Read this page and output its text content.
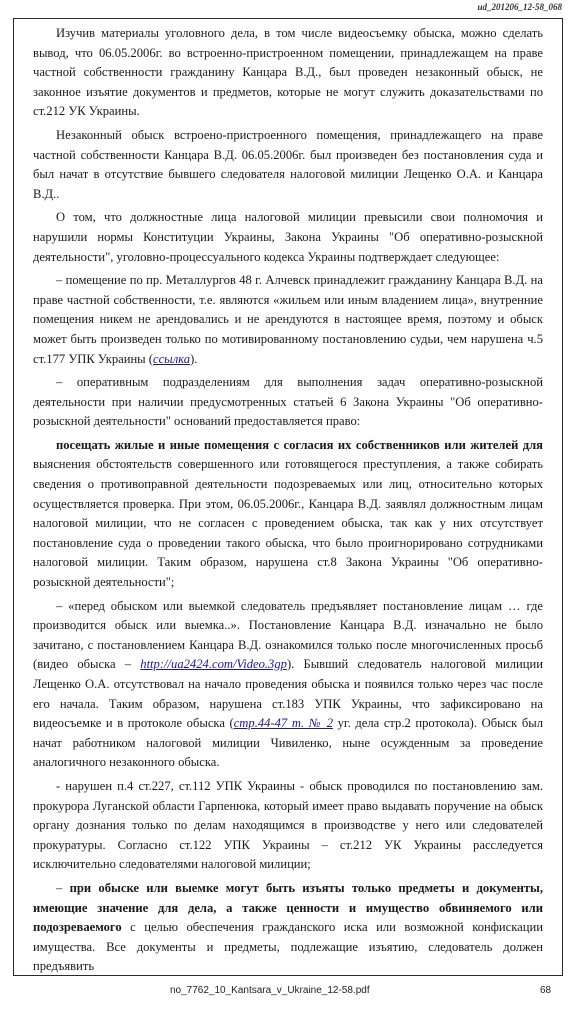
ud_201206_12-58_068

Изучив материалы уголовного дела, в том числе видеосъемку обыска, можно сделать вывод, что 06.05.2006г. во встроенно-пристроенном помещении, принадлежащем на праве частной собственности гражданину Канцара В.Д., был проведен незаконный обыск, не законное изъятие документов и предметов, которые не могут служить доказательствами по ст.212 УК Украины.

Незаконный обыск встроено-пристроенного помещения, принадлежащего на праве частной собственности Канцара В.Д. 06.05.2006г. был произведен без постановления суда и был начат в отсутствие бывшего следователя налоговой милиции Лещенко О.А. и Канцара В.Д..

О том, что должностные лица налоговой милиции превысили свои полномочия и нарушили нормы Конституции Украины, Закона Украины "Об оперативно-розыскной деятельности", уголовно-процессуального кодекса Украины подтверждает следующее:

– помещение по пр. Металлургов 48 г. Алчевск принадлежит гражданину Канцара В.Д. на праве частной собственности, т.е. являются «жильем или иным владением лица», внутренние помещения никем не арендовались и не арендуются в настоящее время, поэтому и обыск может быть произведен только по мотивированному постановлению судьи, чем нарушена ч.5 ст.177 УПК Украины (ссылка).

– оперативным подразделениям для выполнения задач оперативно-розыскной деятельности при наличии предусмотренных статьей 6 Закона Украины "Об оперативно-розыскной деятельности" оснований предоставляется право:

посещать жилые и иные помещения с согласия их собственников или жителей для выяснения обстоятельств совершенного или готовящегося преступления, а также собирать сведения о противоправной деятельности подозреваемых или лиц, относительно которых осуществляется проверка. При этом, 06.05.2006г., Канцара В.Д. заявлял должностным лицам налоговой милиции, что не согласен с проведением обыска, так как у них отсутствует постановление суда о проведении такого обыска, что было проигнорировано сотрудниками налоговой милиции. Таким образом, нарушена ст.8 Закона Украины "Об оперативно-розыскной деятельности";

– «перед обыском или выемкой следователь предъявляет постановление лицам … где производится обыск или выемка..». Постановление Канцара В.Д. изначально не было зачитано, с постановлением Канцара В.Д. ознакомился только после многочисленных просьб (видео обыска – http://ua2424.com/Video.3gp). Бывший следователь налоговой милиции Лещенко О.А. отсутствовал на начало проведения обыска и появился только через час после его начала. Таким образом, нарушена ст.183 УПК Украины, что зафиксировано на видеосъемке и в протоколе обыска (стр.44-47 т. № 2 уг. дела стр.2 протокола). Обыск был начат работником налоговой милиции Чивиленко, ныне осужденным за проведение аналогичного незаконного обыска.

- нарушен п.4 ст.227, ст.112 УПК Украины - обыск проводился по постановлению зам. прокурора Луганской области Гарпенюка, который имеет право выдавать поручение на обыск органу дознания только по делам находящимся в производстве у него или следователей прокуратуры. Согласно ст.122 УПК Украины – ст.212 УК Украины расследуется исключительно следователями налоговой милиции;

– при обыске или выемке могут быть изъяты только предметы и документы, имеющие значение для дела, а также ценности и имущество обвиняемого или подозреваемого с целью обеспечения гражданского иска или возможной конфискации имущества. Все документы и предметы, подлежащие изъятию, следователь должен предъявить

no_7762_10_Kantsara_v_Ukraine_12-58.pdf	68
